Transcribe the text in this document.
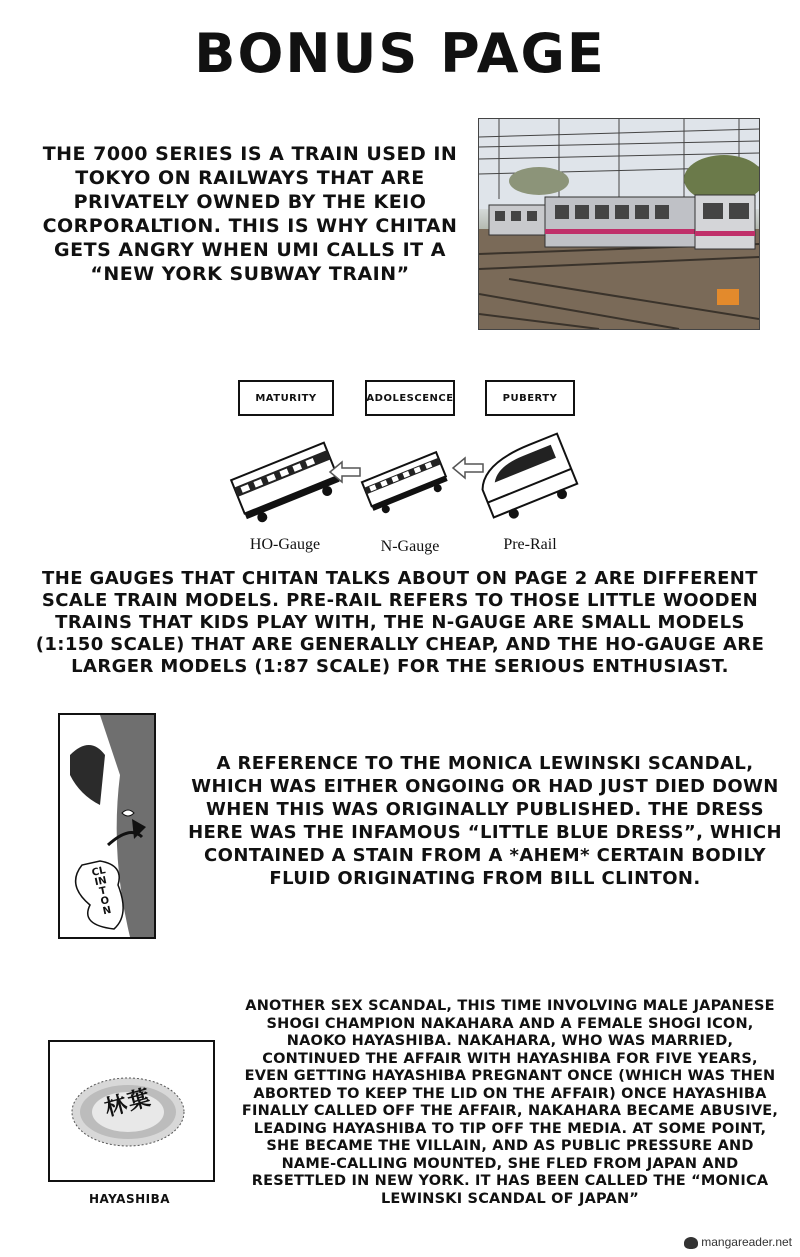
BONUS PAGE
THE 7000 SERIES IS A TRAIN USED IN TOKYO ON RAILWAYS THAT ARE PRIVATELY OWNED BY THE KEIO CORPORALTION. THIS IS WHY CHITAN GETS ANGRY WHEN UMI CALLS IT A “NEW YORK SUBWAY TRAIN”
MATURITY	ADOLESCENCE	PUBERTY
HO-Gauge	N-Gauge	Pre-Rail
THE GAUGES THAT CHITAN TALKS ABOUT ON PAGE 2 ARE DIFFERENT SCALE TRAIN MODELS. PRE-RAIL REFERS TO THOSE LITTLE WOODEN TRAINS THAT KIDS PLAY WITH, THE N-GAUGE ARE SMALL MODELS (1:150 SCALE) THAT ARE GENERALLY CHEAP, AND THE HO-GAUGE ARE LARGER MODELS (1:87 SCALE) FOR THE SERIOUS ENTHUSIAST.
CLINTON
A REFERENCE TO THE MONICA LEWINSKI SCANDAL, WHICH WAS EITHER ONGOING OR HAD JUST DIED DOWN WHEN THIS WAS ORIGINALLY PUBLISHED. THE DRESS HERE WAS THE INFAMOUS “LITTLE BLUE DRESS”, WHICH CONTAINED A STAIN FROM A *AHEM* CERTAIN BODILY FLUID ORIGINATING FROM BILL CLINTON.
林葉
HAYASHIBA
ANOTHER SEX SCANDAL, THIS TIME INVOLVING MALE JAPANESE SHOGI CHAMPION NAKAHARA AND A FEMALE SHOGI ICON, NAOKO HAYASHIBA. NAKAHARA, WHO WAS MARRIED, CONTINUED THE AFFAIR WITH HAYASHIBA FOR FIVE YEARS, EVEN GETTING HAYASHIBA PREGNANT ONCE (WHICH WAS THEN ABORTED TO KEEP THE LID ON THE AFFAIR) ONCE HAYASHIBA FINALLY CALLED OFF THE AFFAIR, NAKAHARA BECAME ABUSIVE, LEADING HAYASHIBA TO TIP OFF THE MEDIA. AT SOME POINT, SHE BECAME THE VILLAIN, AND AS PUBLIC PRESSURE AND NAME-CALLING MOUNTED, SHE FLED FROM JAPAN AND RESETTLED IN NEW YORK. IT HAS BEEN CALLED THE “MONICA LEWINSKI SCANDAL OF JAPAN”
mangareader.net
